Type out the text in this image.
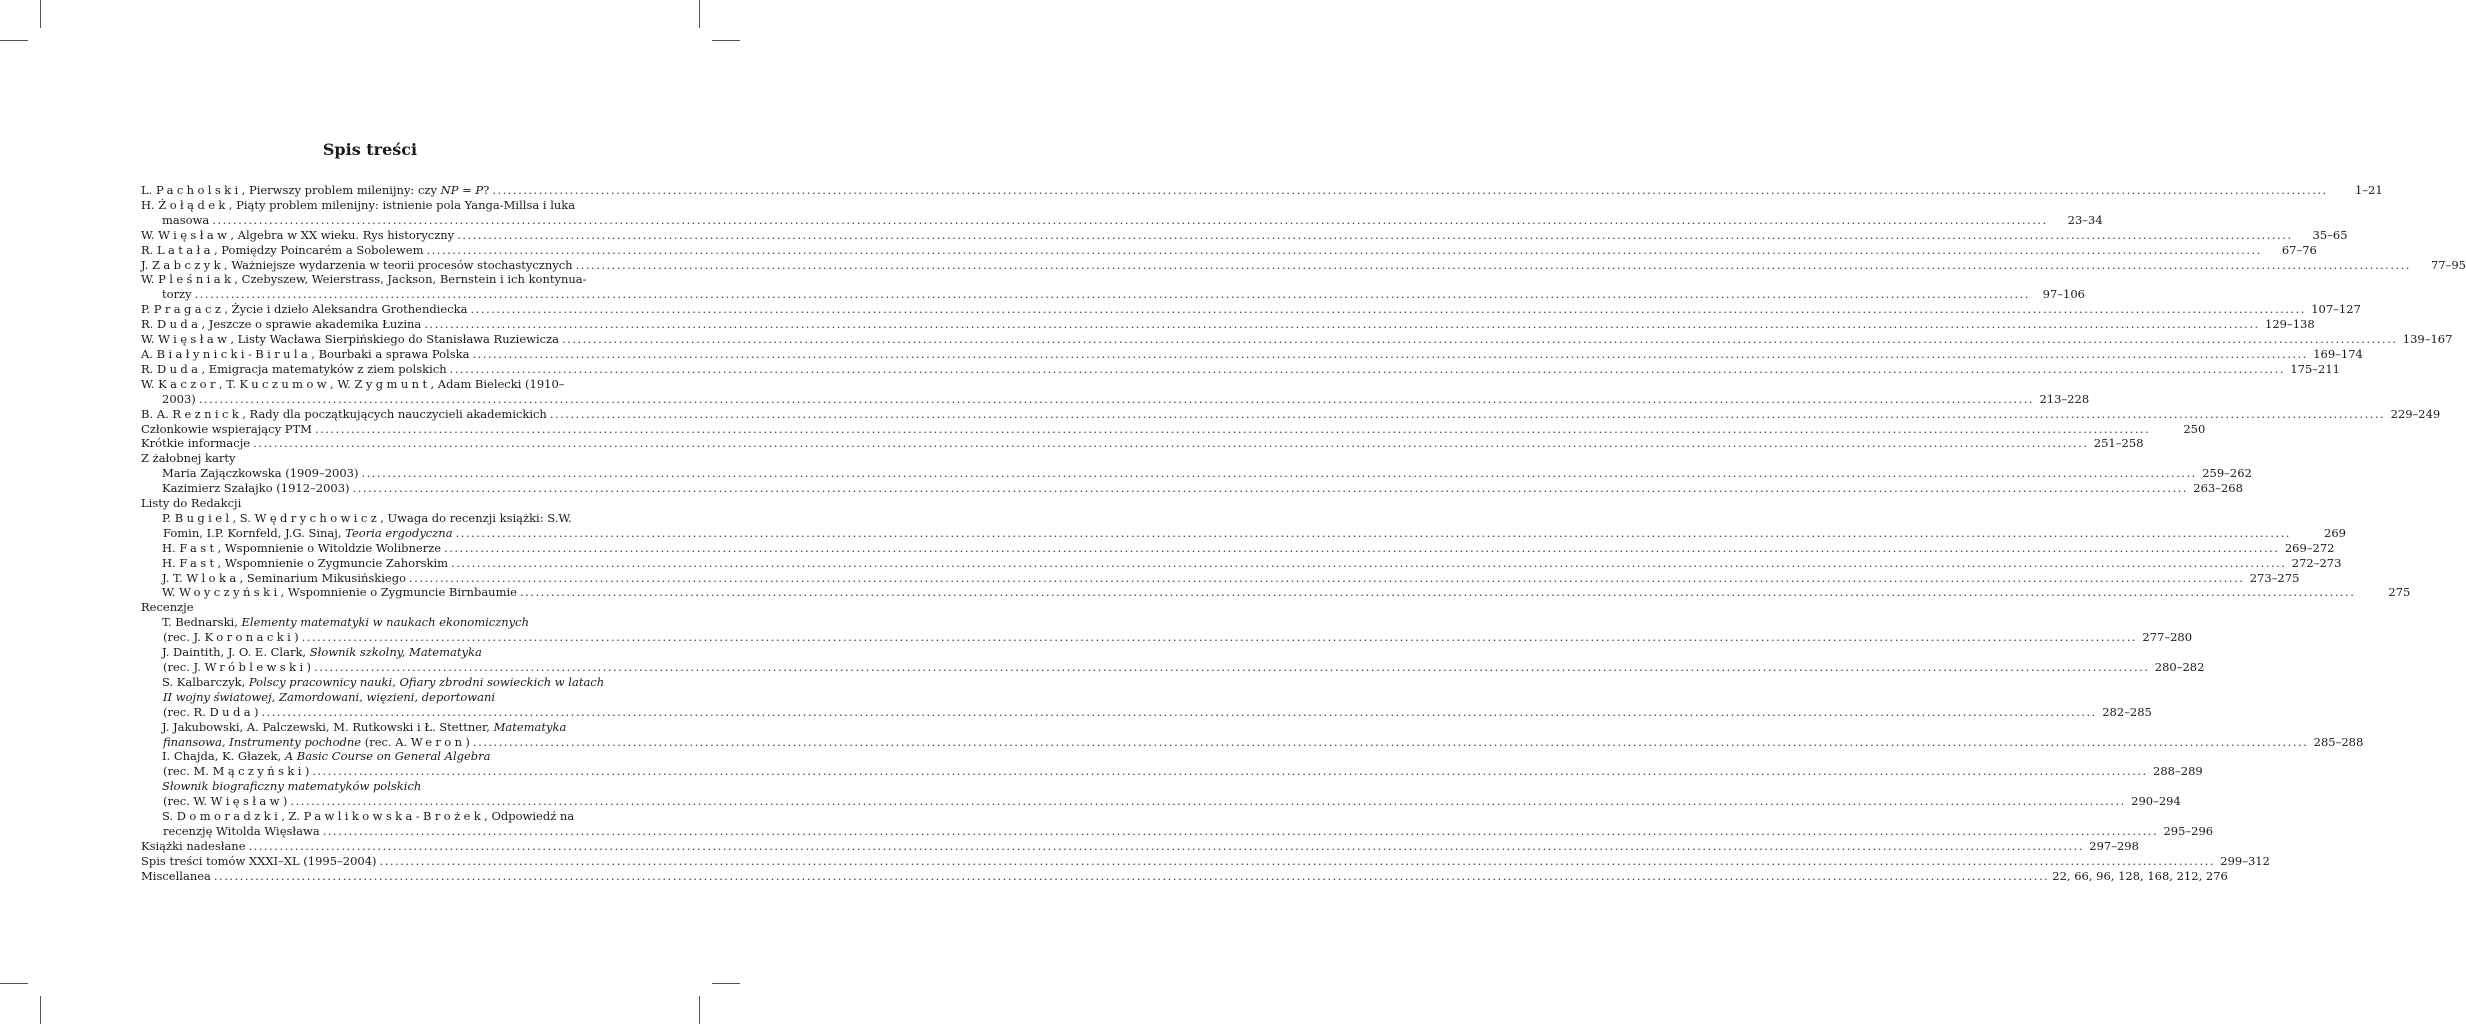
Spis treści
L. Pacholski, Pierwszy problem milenijny: czy NP = P? .....	1–21
H. Żołądek, Piąty problem milenijny: istnienie pola Yanga-Millsa i luka
masowa .....	23–34
W. Więsław, Algebra w XX wieku. Rys historyczny .....	35–65
R. Latała, Pomiędzy Poincarém a Sobolewem .....	67–76
J. Zabczyk, Ważniejsze wydarzenia w teorii procesów stochastycznych .....	77–95
W. Pleśniak, Czebyszew, Weierstrass, Jackson, Bernstein i ich kontynua-
torzy .....	97–106
P. Pragacz, Życie i dzieło Aleksandra Grothendiecka .....	107–127
R. Duda, Jeszcze o sprawie akademika Łuzina .....	129–138
W. Więsław, Listy Wacława Sierpińskiego do Stanisława Ruziewicza .....	139–167
A. Białynicki-Birula, Bourbaki a sprawa Polska .....	169–174
R. Duda, Emigracja matematyków z ziem polskich .....	175–211
W. Kaczor, T. Kuczumow, W. Zygmunt, Adam Bielecki (1910–
2003) .....	213–228
B. A. Reznick, Rady dla początkujących nauczycieli akademickich .....	229–249
Członkowie wspierający PTM .....	250
Krótkie informacje .....	251–258
Z żałobnej karty
Maria Zajączkowska (1909–2003) .....	259–262
Kazimierz Szałajko (1912–2003) .....	263–268
Listy do Redakcji
P. Bugiel, S. Wędrychowicz, Uwaga do recenzji książki: S.W.
Fomin, I.P. Kornfeld, J.G. Sinaj, Teoria ergodyczna .....	269
H. Fast, Wspomnienie o Witoldzie Wolibnerze .....	269–272
H. Fast, Wspomnienie o Zygmuncie Zahorskim .....	272–273
J. T. Wloka, Seminarium Mikusińskiego .....	273–275
W. Woyczyński, Wspomnienie o Zygmuncie Birnbaumie .....	275
Recenzje
T. Bednarski, Elementy matematyki w naukach ekonomicznych
(rec. J. Koronacki) .....	277–280
J. Daintith, J. O. E. Clark, Słownik szkolny, Matematyka
(rec. J. Wróblewski) .....	280–282
S. Kalbarczyk, Polscy pracownicy nauki, Ofiary zbrodni sowieckich w latach
II wojny światowej, Zamordowani, więzieni, deportowani
(rec. R. Duda) .....	282–285
J. Jakubowski, A. Palczewski, M. Rutkowski i Ł. Stettner, Matematyka
finansowa, Instrumenty pochodne (rec. A. Weron) .....	285–288
I. Chajda, K. Głazek, A Basic Course on General Algebra
(rec. M. Mączyński) .....	288–289
Słownik biograficzny matematyków polskich
(rec. W. Więsław) .....	290–294
S. Domoradzki, Z. Pawlikowska-Brożek, Odpowiedź na
recenzję Witolda Więsława .....	295–296
Książki nadesłane .....	297–298
Spis treści tomów XXXI–XL (1995–2004) .....	299–312
Miscellanea .....	22, 66, 96, 128, 168, 212, 276
